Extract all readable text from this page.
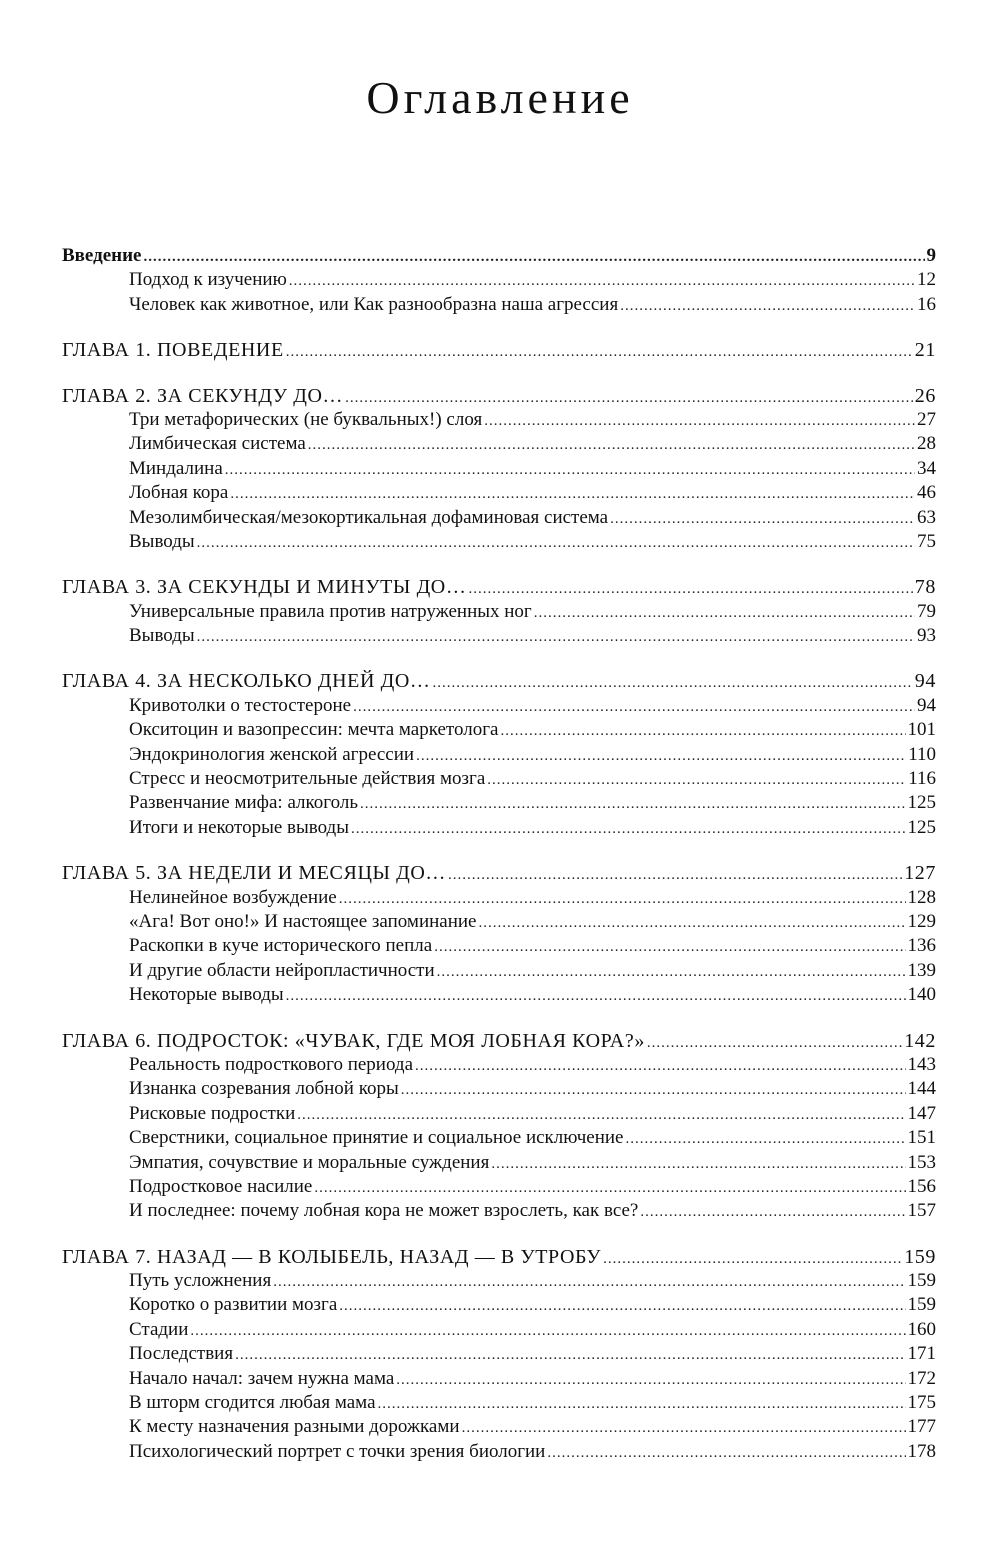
Оглавление
Введение .....	9
Подход к изучению .....	12
Человек как животное, или Как разнообразна наша агрессия .....	16
ГЛАВА 1. ПОВЕДЕНИЕ .....	21
ГЛАВА 2. ЗА СЕКУНДУ ДО… .....	26
Три метафорических (не буквальных!) слоя .....	27
Лимбическая система .....	28
Миндалина .....	34
Лобная кора .....	46
Мезолимбическая/мезокортикальная дофаминовая система .....	63
Выводы .....	75
ГЛАВА 3. ЗА СЕКУНДЫ И МИНУТЫ ДО… .....	78
Универсальные правила против натруженных ног .....	79
Выводы .....	93
ГЛАВА 4. ЗА НЕСКОЛЬКО ДНЕЙ ДО… .....	94
Кривотолки о тестостероне .....	94
Окситоцин и вазопрессин: мечта маркетолога .....	101
Эндокринология женской агрессии .....	110
Стресс и неосмотрительные действия мозга .....	116
Развенчание мифа: алкоголь .....	125
Итоги и некоторые выводы .....	125
ГЛАВА 5. ЗА НЕДЕЛИ И МЕСЯЦЫ ДО… .....	127
Нелинейное возбуждение .....	128
«Ага! Вот оно!» И настоящее запоминание .....	129
Раскопки в куче исторического пепла .....	136
И другие области нейропластичности .....	139
Некоторые выводы .....	140
ГЛАВА 6. ПОДРОСТОК: «ЧУВАК, ГДЕ МОЯ ЛОБНАЯ КОРА?» .....	142
Реальность подросткового периода .....	143
Изнанка созревания лобной коры .....	144
Рисковые подростки .....	147
Сверстники, социальное принятие и социальное исключение .....	151
Эмпатия, сочувствие и моральные суждения .....	153
Подростковое насилие .....	156
И последнее: почему лобная кора не может взрослеть, как все? .....	157
ГЛАВА 7. НАЗАД — В КОЛЫБЕЛЬ, НАЗАД — В УТРОБУ .....	159
Путь усложнения .....	159
Коротко о развитии мозга .....	159
Стадии .....	160
Последствия .....	171
Начало начал: зачем нужна мама .....	172
В шторм сгодится любая мама .....	175
К месту назначения разными дорожками .....	177
Психологический портрет с точки зрения биологии .....	178
